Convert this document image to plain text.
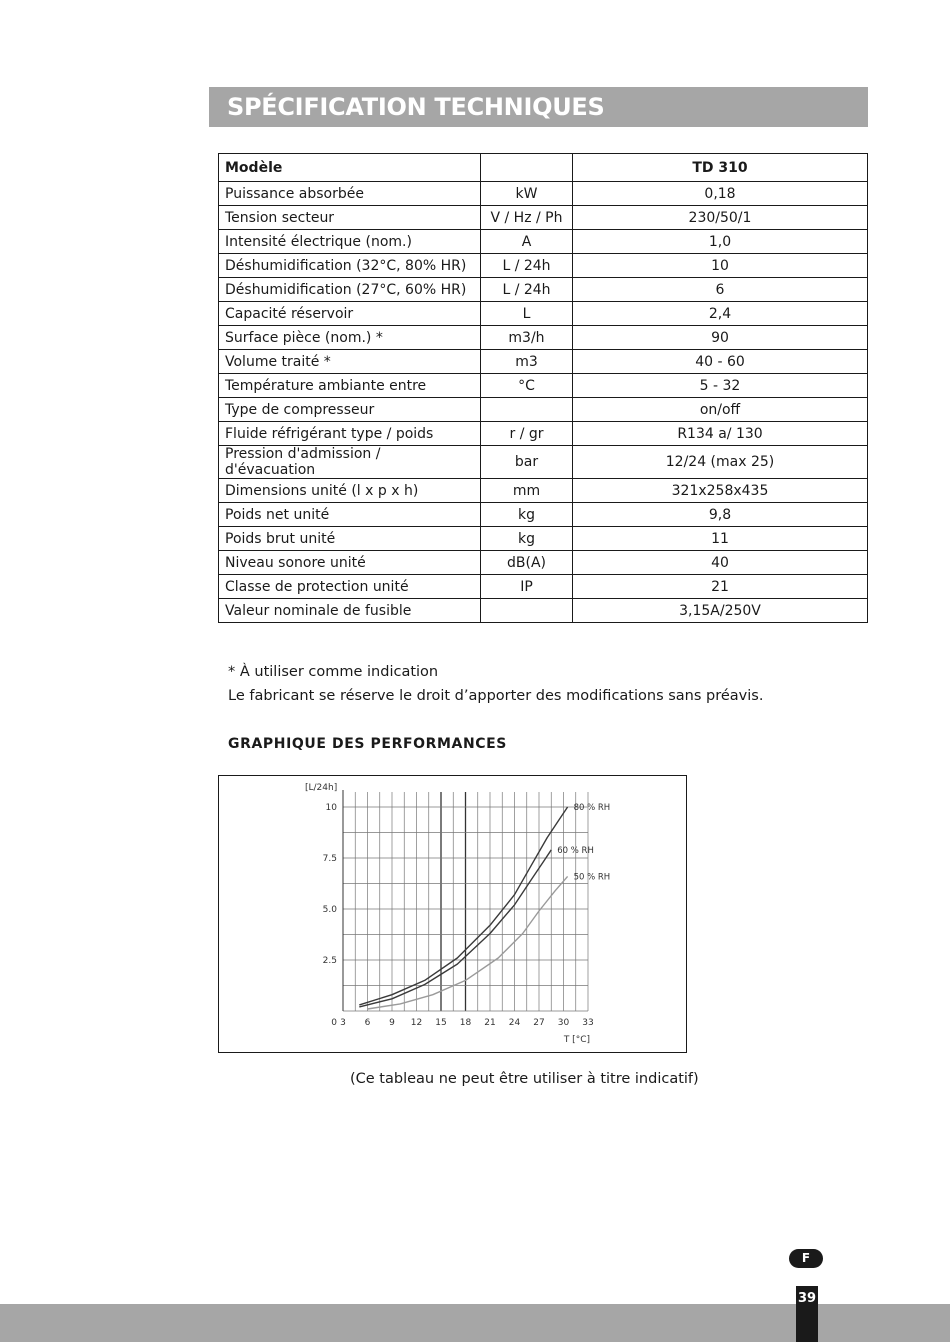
SPÉCIFICATION TECHNIQUES
Modèle		TD 310
Puissance absorbée	kW	0,18
Tension secteur	V / Hz / Ph	230/50/1
Intensité électrique (nom.)	A	1,0
Déshumidification (32°C, 80% HR)	L / 24h	10
Déshumidification (27°C, 60% HR)	L / 24h	6
Capacité réservoir	L	2,4
Surface pièce (nom.) *	m3/h	90
Volume traité *	m3	40 - 60
Température ambiante entre	°C	5 - 32
Type de compresseur		on/off
Fluide réfrigérant type / poids	r / gr	R134 a/ 130
Pression d'admission / d'évacuation	bar	12/24 (max 25)
Dimensions unité (l x p x h)	mm	321x258x435
Poids net unité	kg	9,8
Poids brut unité	kg	11
Niveau sonore unité	dB(A)	40
Classe de protection unité	IP	21
Valeur nominale de fusible		3,15A/250V
* À utiliser comme indication
Le fabricant se réserve le droit d’apporter des modifications sans préavis.
GRAPHIQUE DES PERFORMANCES
[L/24h]
0
2.5
5.0
7.5
10
3 6 9 12 15 18 21 24 27 30 33
T [°C]
80 % RH
60 % RH
50 % RH
(Ce tableau ne peut être utiliser à titre indicatif)
F
39
